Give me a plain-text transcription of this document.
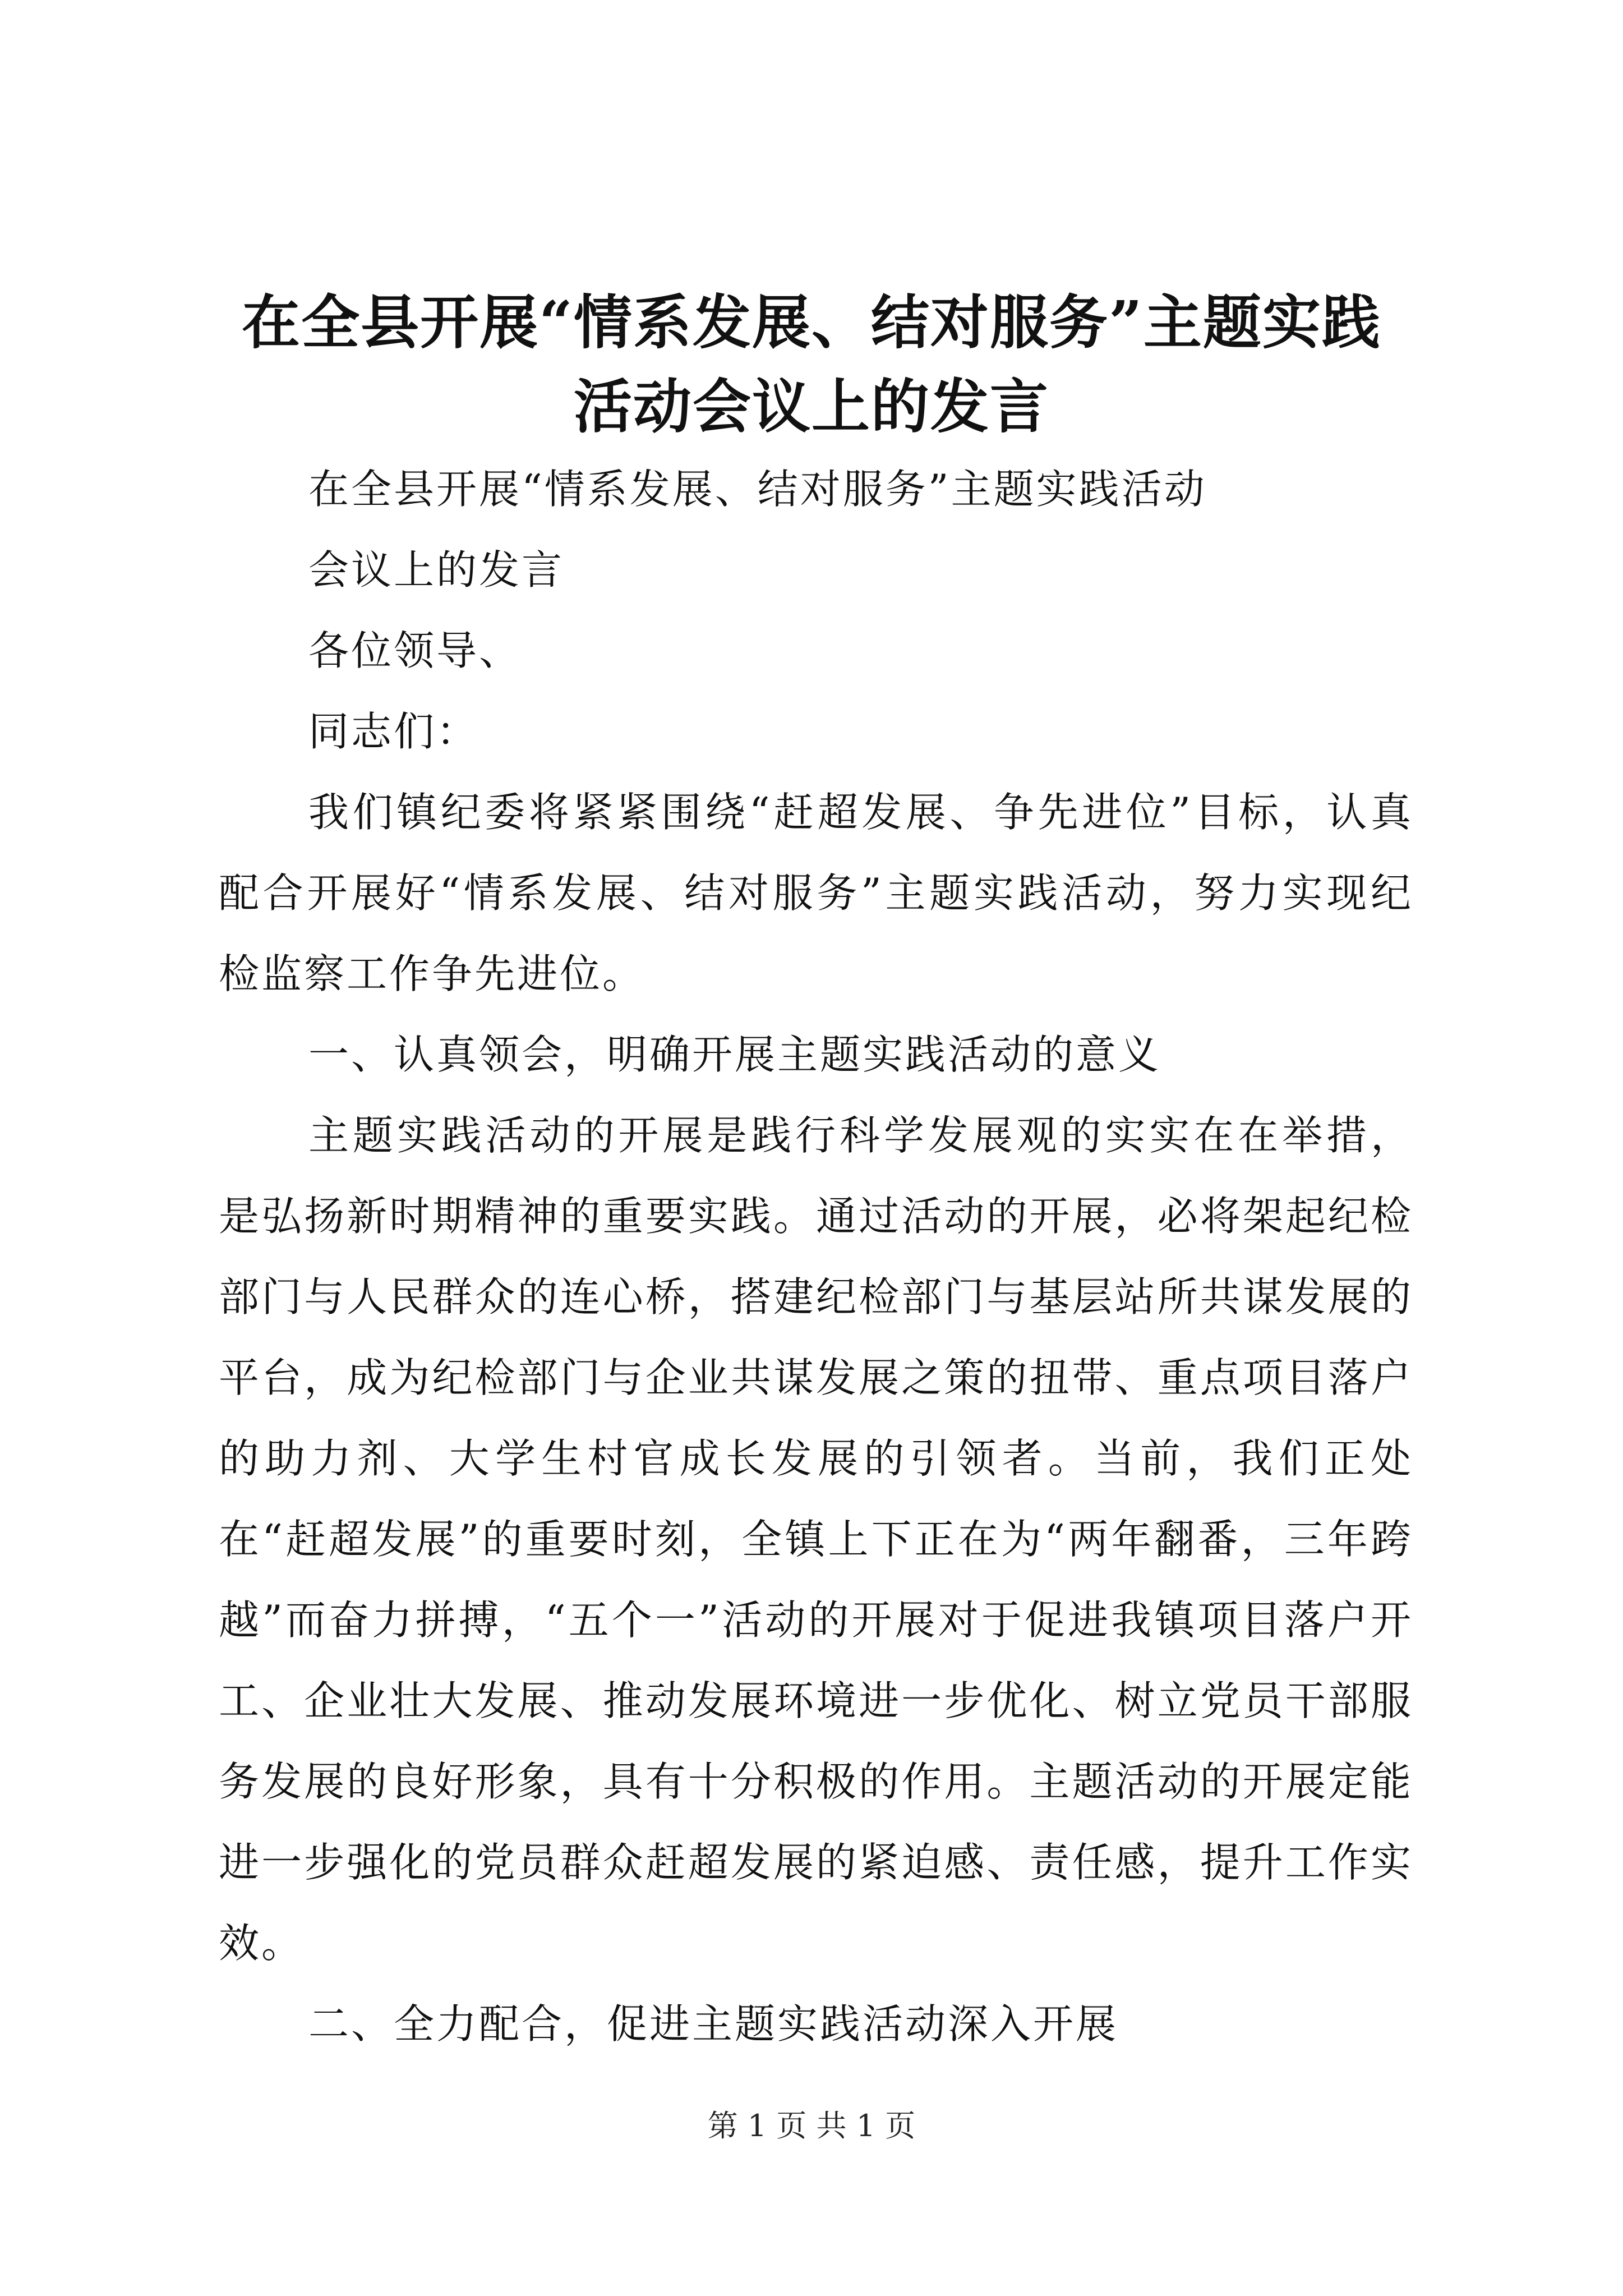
在全县开展“情系发展、结对服务”主题实践
活动会议上的发言

在全县开展“情系发展、结对服务”主题实践活动

会议上的发言

各位领导、

同志们：

我们镇纪委将紧紧围绕“赶超发展、争先进位”目标，认真配合开展好“情系发展、结对服务”主题实践活动，努力实现纪检监察工作争先进位。

一、认真领会，明确开展主题实践活动的意义

主题实践活动的开展是践行科学发展观的实实在在举措，是弘扬新时期精神的重要实践。通过活动的开展，必将架起纪检部门与人民群众的连心桥，搭建纪检部门与基层站所共谋发展的平台，成为纪检部门与企业共谋发展之策的扭带、重点项目落户的助力剂、大学生村官成长发展的引领者。当前，我们正处在“赶超发展”的重要时刻，全镇上下正在为“两年翻番，三年跨越”而奋力拼搏，“五个一”活动的开展对于促进我镇项目落户开工、企业壮大发展、推动发展环境进一步优化、树立党员干部服务发展的良好形象，具有十分积极的作用。主题活动的开展定能进一步强化的党员群众赶超发展的紧迫感、责任感，提升工作实效。

二、全力配合，促进主题实践活动深入开展

第 1 页 共 1 页
